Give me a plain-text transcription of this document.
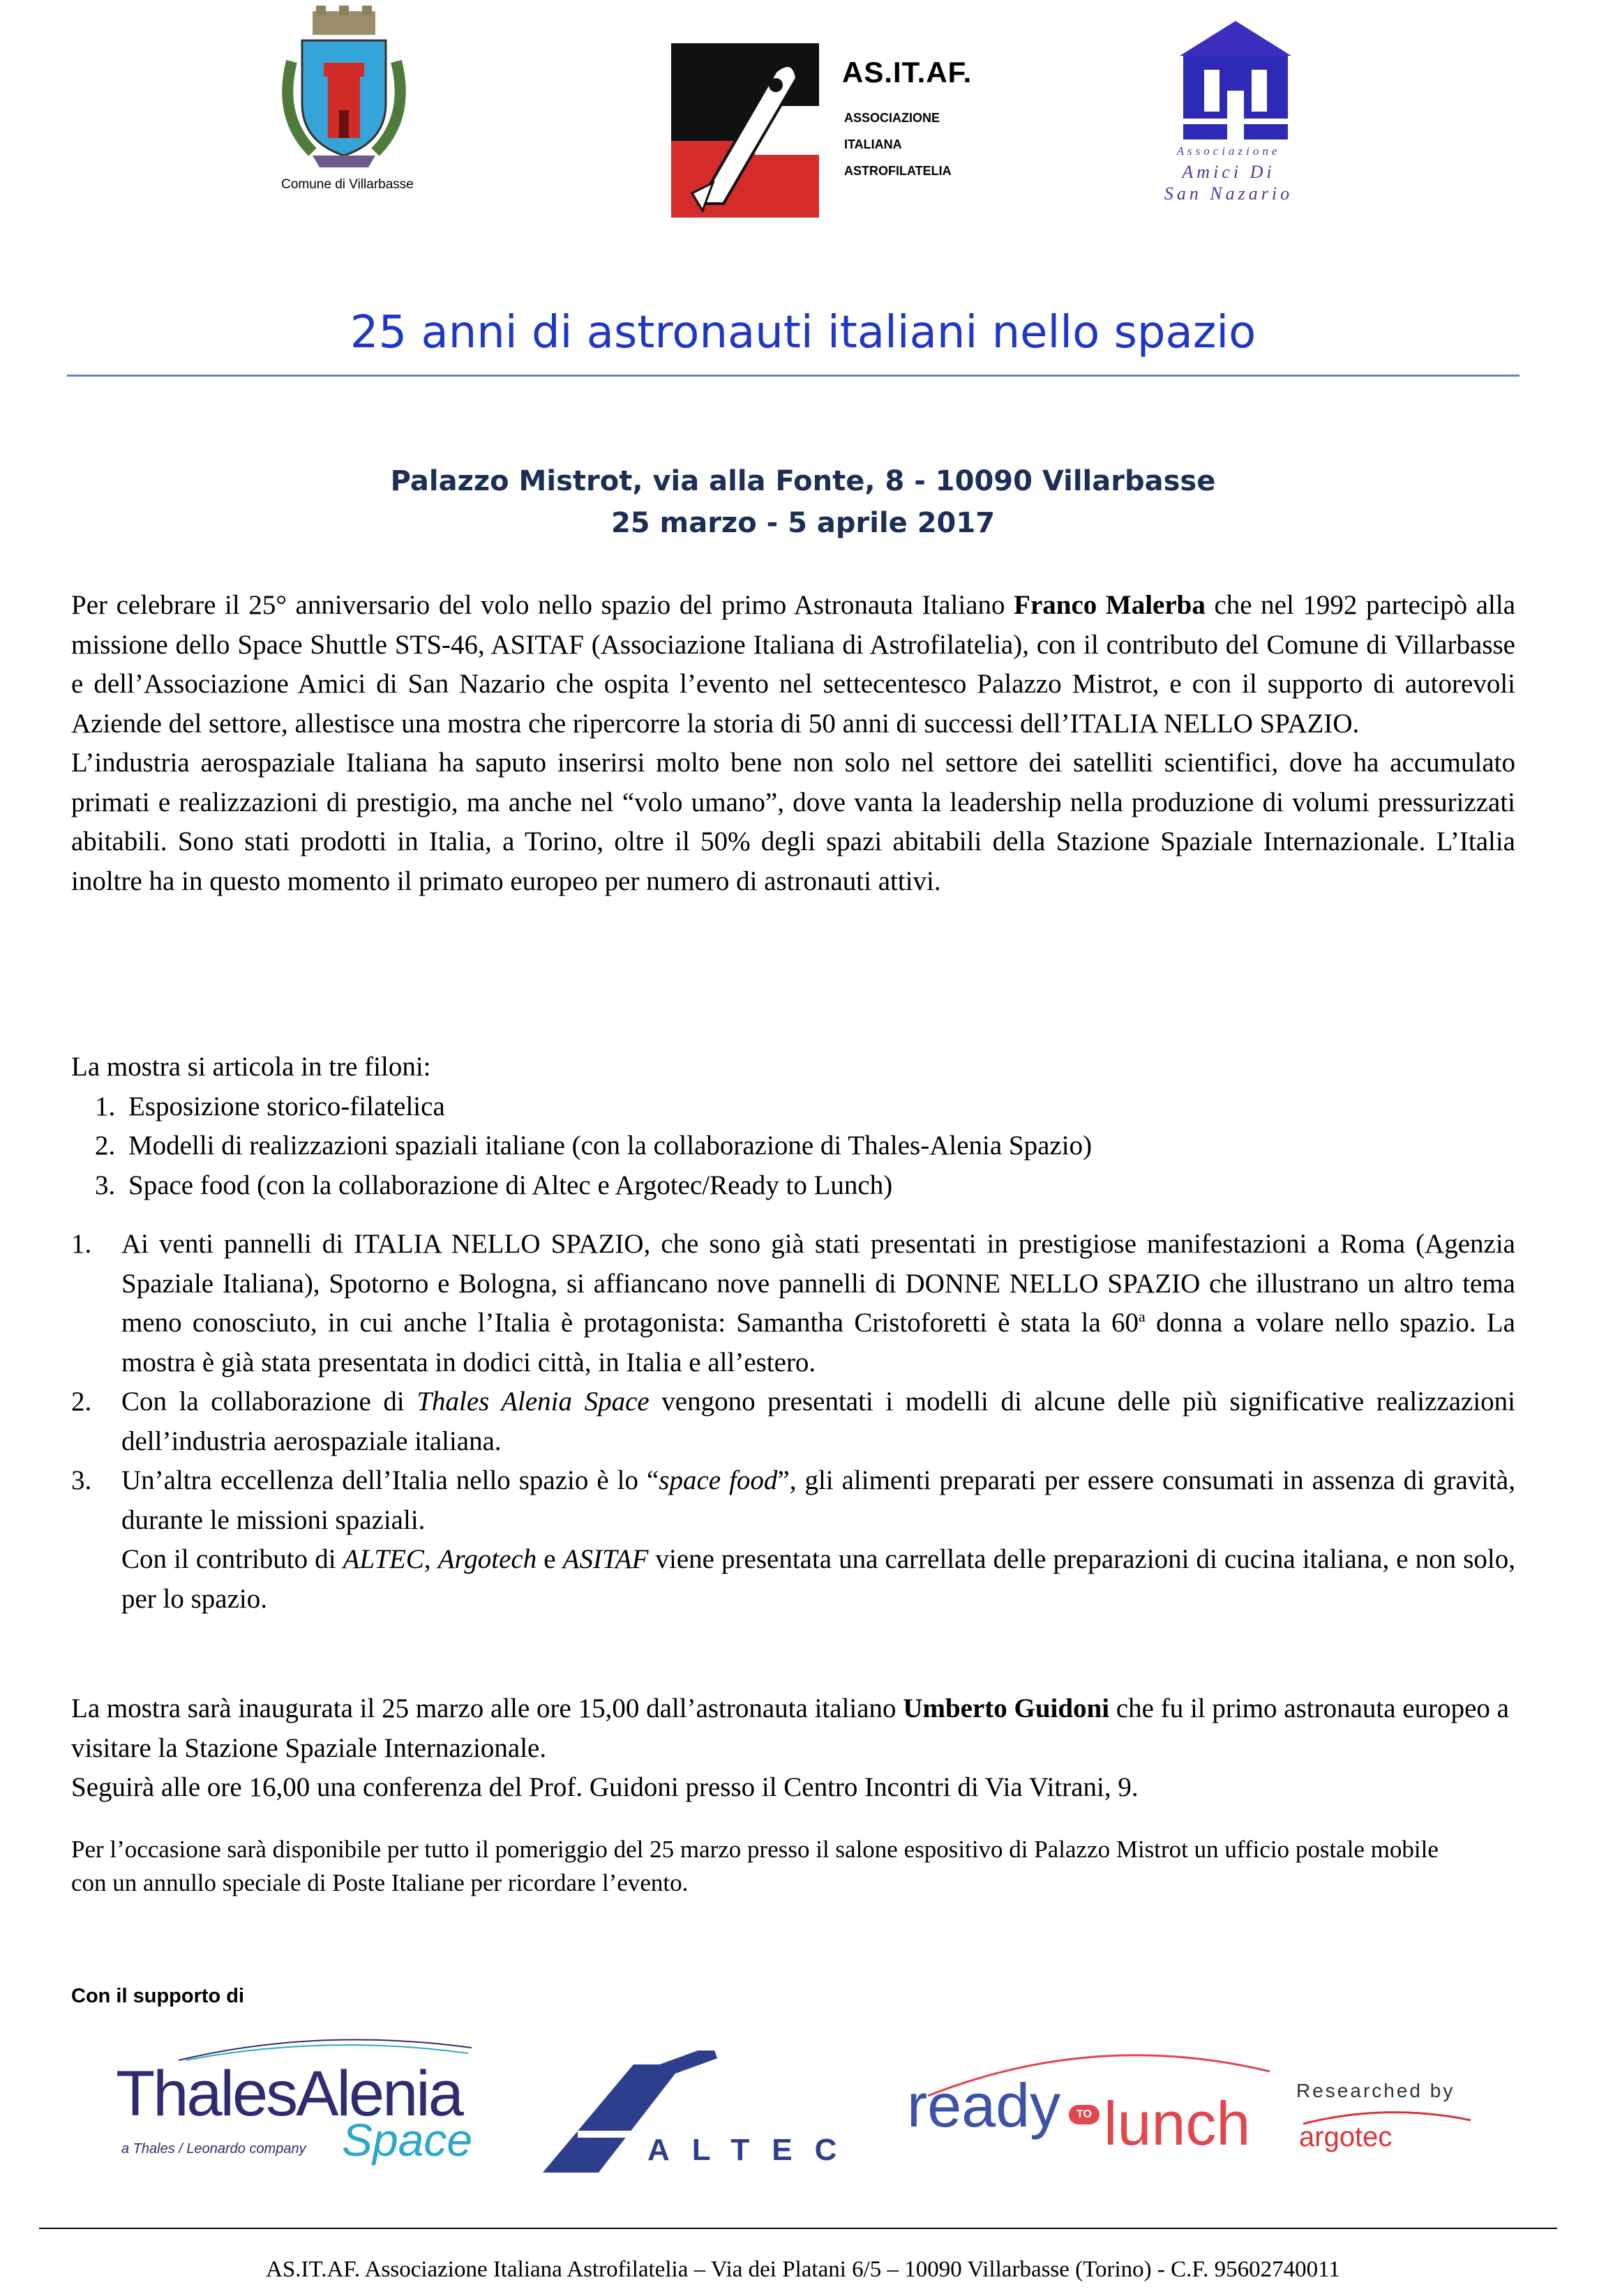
Comune di Villarbasse
AS.IT.AF.
ASSOCIAZIONE
ITALIANA
ASTROFILATELIA
Associazione
Amici Di
San Nazario
25 anni di astronauti italiani nello spazio
Palazzo Mistrot, via alla Fonte, 8 - 10090 Villarbasse
25 marzo - 5 aprile 2017

Per celebrare il 25° anniversario del volo nello spazio del primo Astronauta Italiano Franco Malerba che nel 1992 partecipò alla missione dello Space Shuttle STS-46, ASITAF (Associazione Italiana di Astrofilatelia), con il contributo del Comune di Villarbasse e dell’Associazione Amici di San Nazario che ospita l’evento nel settecentesco Palazzo Mistrot, e con il supporto di autorevoli Aziende del settore, allestisce una mostra che ripercorre la storia di 50 anni di successi dell’ITALIA NELLO SPAZIO.

L’industria aerospaziale Italiana ha saputo inserirsi molto bene non solo nel settore dei satelliti scientifici, dove ha accumulato primati e realizzazioni di prestigio, ma anche nel “volo umano”, dove vanta la leadership nella produzione di volumi pressurizzati abitabili. Sono stati prodotti in Italia, a Torino, oltre il 50% degli spazi abitabili della Stazione Spaziale Internazionale. L’Italia inoltre ha in questo momento il primato europeo per numero di astronauti attivi.

La mostra si articola in tre filoni:

1. Esposizione storico-filatelica
2. Modelli di realizzazioni spaziali italiane (con la collaborazione di Thales-Alenia Spazio)
3. Space food (con la collaborazione di Altec e Argotec/Ready to Lunch)
1. Ai venti pannelli di ITALIA NELLO SPAZIO, che sono già stati presentati in prestigiose manifestazioni a Roma (Agenzia Spaziale Italiana), Spotorno e Bologna, si affiancano nove pannelli di DONNE NELLO SPAZIO che illustrano un altro tema meno conosciuto, in cui anche l’Italia è protagonista: Samantha Cristoforetti è stata la 60$^a$ donna a volare nello spazio. La mostra è già stata presentata in dodici città, in Italia e all’estero.

2. Con la collaborazione di Thales Alenia Space vengono presentati i modelli di alcune delle più significative realizzazioni dell’industria aerospaziale italiana.

3. Un’altra eccellenza dell’Italia nello spazio è lo “space food”, gli alimenti preparati per essere consumati in assenza di gravità, durante le missioni spaziali.

Con il contributo di ALTEC, Argotech e ASITAF viene presentata una carrellata delle preparazioni di cucina italiana, e non solo, per lo spazio.

La mostra sarà inaugurata il 25 marzo alle ore 15,00 dall’astronauta italiano Umberto Guidoni che fu il primo astronauta europeo a visitare la Stazione Spaziale Internazionale.

Seguirà alle ore 16,00 una conferenza del Prof. Guidoni presso il Centro Incontri di Via Vitrani, 9.

Per l’occasione sarà disponibile per tutto il pomeriggio del 25 marzo presso il salone espositivo di Palazzo Mistrot un ufficio postale mobile con un annullo speciale di Poste Italiane per ricordare l’evento.
Con il supporto di
ThalesAlenia
Space
a Thales / Leonardo company	ALTEC
ready	TO lunch Researched by
argotec
AS.IT.AF. Associazione Italiana Astrofilatelia – Via dei Platani 6/5 – 10090 Villarbasse (Torino) - C.F. 95602740011
